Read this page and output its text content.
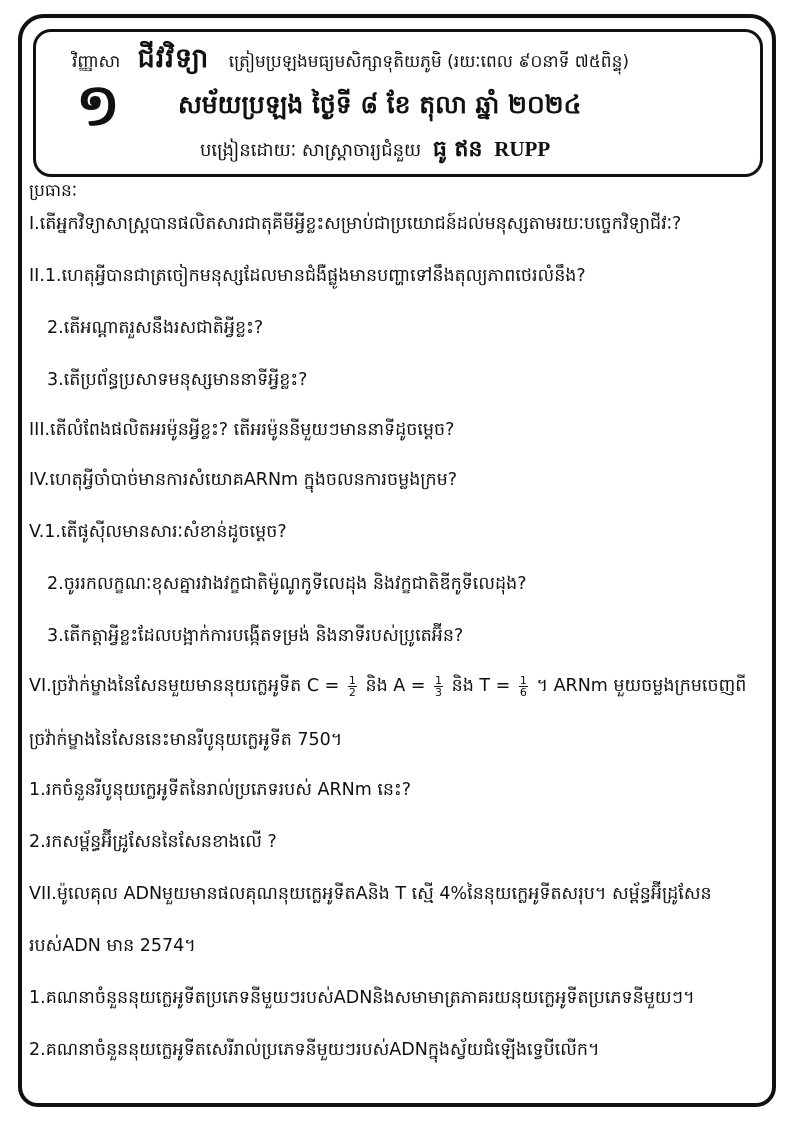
វិញ្ញាសា ជីវវិទ្យា ត្រៀមប្រឡងមធ្យមសិក្សាទុតិយភូមិ (រយៈពេល ៩០នាទី ៧៥ពិន្ទុ)
១ សម័យប្រឡង ថ្ងៃទី ៨ ខែ តុលា ឆ្នាំ ២០២៤
បង្រៀនដោយៈ សាស្ត្រាចារ្យជំនួយ ធូ ឥន RUPP
ប្រធានៈ
I.តើអ្នកវិទ្យាសាស្ត្របានផលិតសារជាតុគីមីអ្វីខ្លះសម្រាប់ជាប្រយោជន៍ដល់មនុស្សតាមរយៈបច្ចេកវិទ្យាជីវៈ?
II.1.ហេតុអ្វីបានជាត្រចៀកមនុស្សដែលមានជំងឺផ្លូងមានបញ្ហាទៅនឹងតុល្យភាពថេរលំនឹង?
2.តើអណ្តាតរួសនឹងរសជាតិអ្វីខ្លះ?
3.តើប្រព័ន្ធប្រសាទមនុស្សមាននាទីអ្វីខ្លះ?
III.តើលំពែងផលិតអរម៉ូនអ្វីខ្លះ? តើអរម៉ូននីមួយៗមាននាទីដូចម្តេច?
IV.ហេតុអ្វីចាំបាច់មានការសំយោគARNm ក្នុងចលនការចម្លងក្រម?
V.1.តើផូស៊ីលមានសារៈសំខាន់ដូចម្តេច?
2.ចូររកលក្ខណៈខុសគ្នារវាងវក្ខជាតិម៉ូណូកូទីលេដុង និងវក្ខជាតិឌីកូទីលេដុង?
3.តើកត្តាអ្វីខ្លះដែលបង្អាក់ការបង្កើតទម្រង់ និងនាទីរបស់ប្រូតេអ៊ីន?
VI.ច្រវ៉ាក់ម្ខាងនៃសែនមួយមាននុយក្លេអូទីត $C = \frac{1}{2}$ និង $A = \frac{1}{3}$ និង $T = \frac{1}{6}$ ។ ARNm មួយចម្លងក្រមចេញពី
ច្រវ៉ាក់ម្ខាងនៃសែននេះមានរីបូនុយក្លេអូទីត 750។
1.រកចំនួនរីបូនុយក្លេអូទីតនៃរាល់ប្រភេទរបស់ ARNm នេះ?
2.រកសម្ព័ន្ធអ៊ីដ្រូសែននៃសែនខាងលើ ?
VII.ម៉ូលេគុល ADNមួយមានផលគុណនុយក្លេអូទីតAនិង T ស្មើ 4%នៃនុយក្លេអូទីតសរុប។ សម្ព័ន្ធអ៊ីដ្រូសែន
របស់ADN មាន 2574។
1.គណនាចំនួននុយក្លេអូទីតប្រភេទនីមួយៗរបស់ADNនិងសមាមាត្រភាគរយនុយក្លេអូទីតប្រភេទនីមួយៗ។
2.គណនាចំនួននុយក្លេអូទីតសេរីរាល់ប្រភេទនីមួយៗរបស់ADNក្នុងស្វ័យជំឡើងទ្វេបីលើក។
